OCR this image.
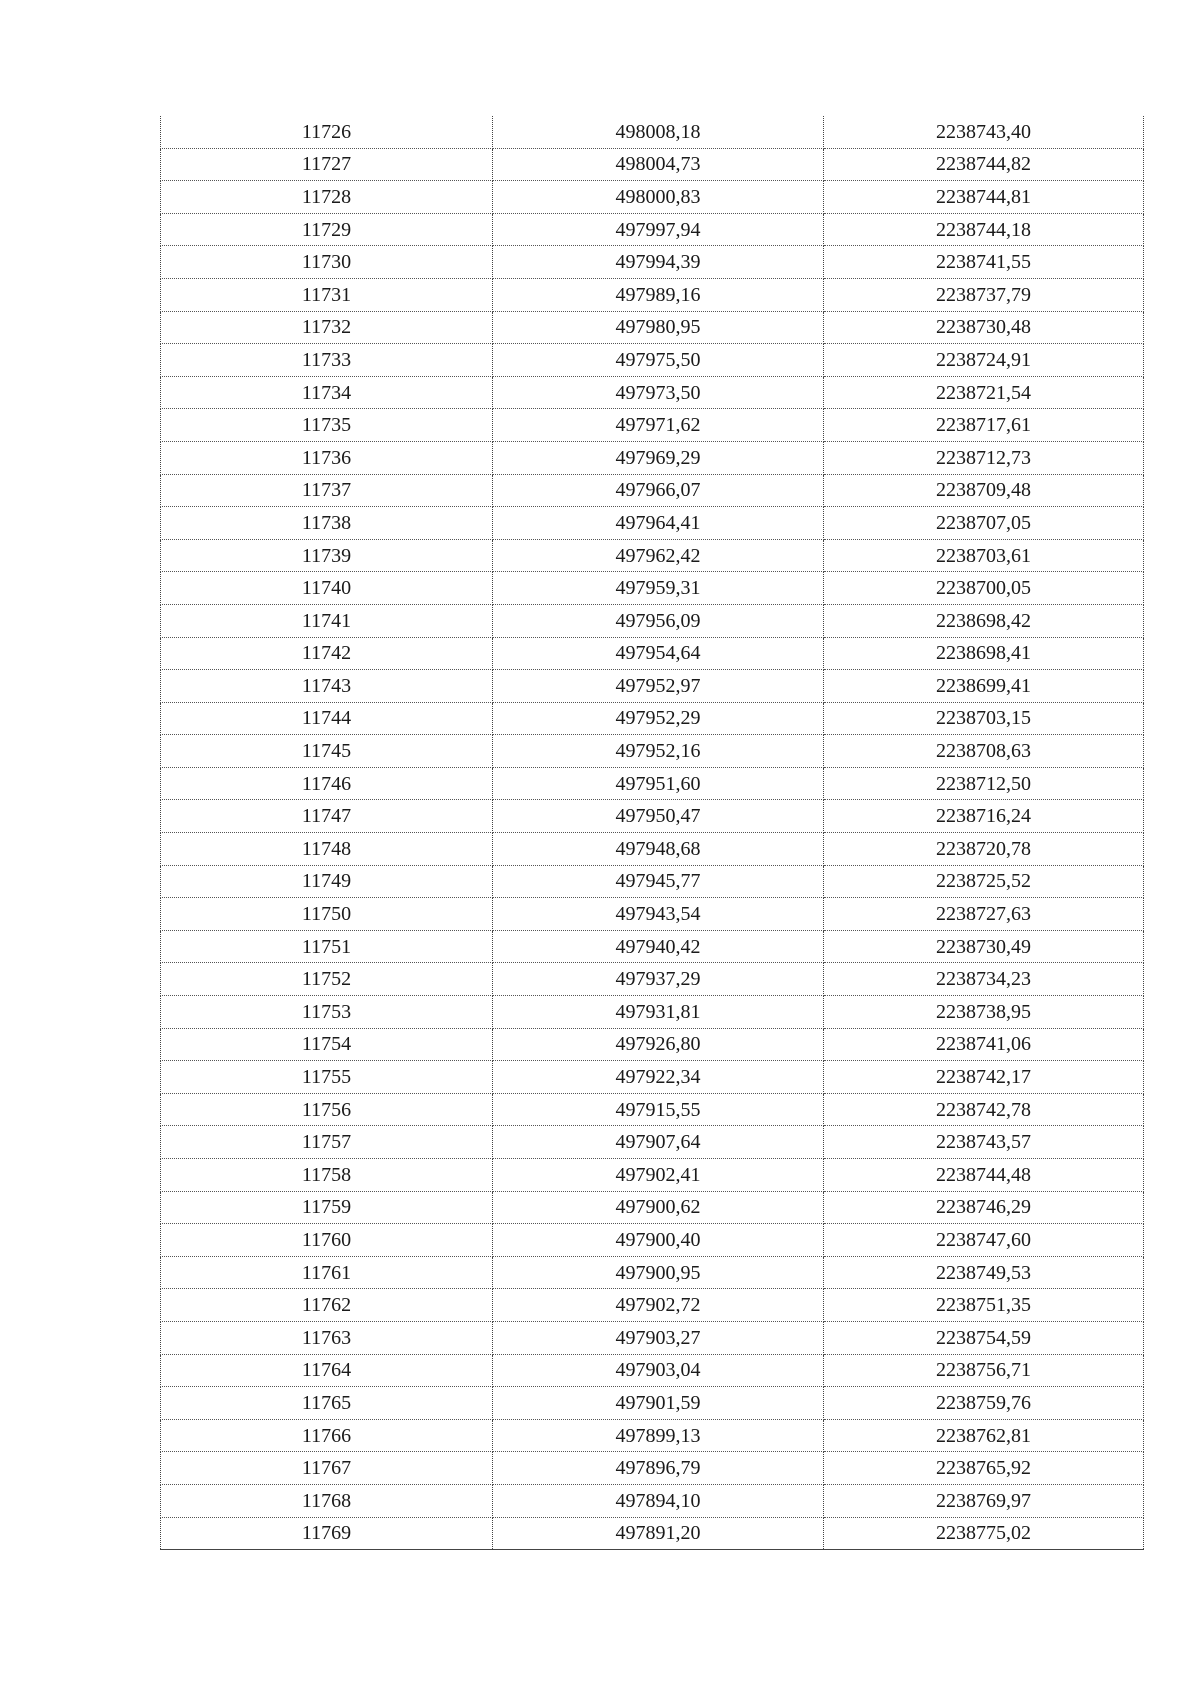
11726	498008,18	2238743,40
11727	498004,73	2238744,82
11728	498000,83	2238744,81
11729	497997,94	2238744,18
11730	497994,39	2238741,55
11731	497989,16	2238737,79
11732	497980,95	2238730,48
11733	497975,50	2238724,91
11734	497973,50	2238721,54
11735	497971,62	2238717,61
11736	497969,29	2238712,73
11737	497966,07	2238709,48
11738	497964,41	2238707,05
11739	497962,42	2238703,61
11740	497959,31	2238700,05
11741	497956,09	2238698,42
11742	497954,64	2238698,41
11743	497952,97	2238699,41
11744	497952,29	2238703,15
11745	497952,16	2238708,63
11746	497951,60	2238712,50
11747	497950,47	2238716,24
11748	497948,68	2238720,78
11749	497945,77	2238725,52
11750	497943,54	2238727,63
11751	497940,42	2238730,49
11752	497937,29	2238734,23
11753	497931,81	2238738,95
11754	497926,80	2238741,06
11755	497922,34	2238742,17
11756	497915,55	2238742,78
11757	497907,64	2238743,57
11758	497902,41	2238744,48
11759	497900,62	2238746,29
11760	497900,40	2238747,60
11761	497900,95	2238749,53
11762	497902,72	2238751,35
11763	497903,27	2238754,59
11764	497903,04	2238756,71
11765	497901,59	2238759,76
11766	497899,13	2238762,81
11767	497896,79	2238765,92
11768	497894,10	2238769,97
11769	497891,20	2238775,02
